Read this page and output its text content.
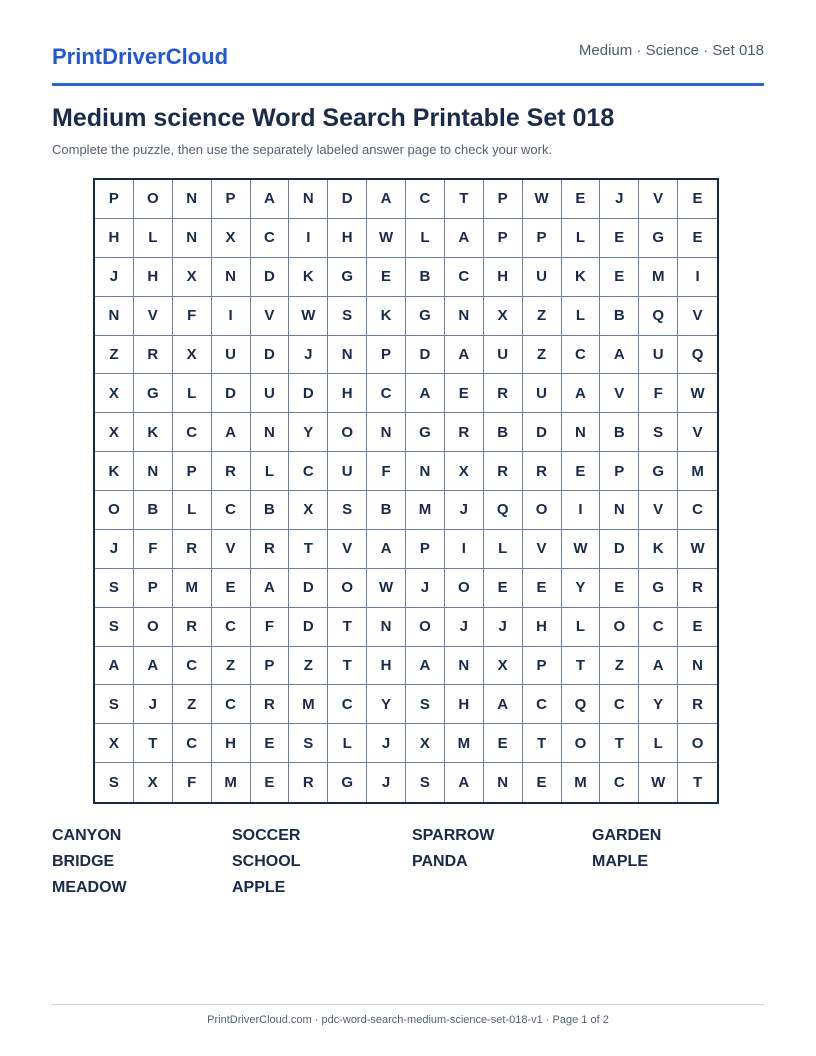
PrintDriverCloud	Medium · Science · Set 018
Medium science Word Search Printable Set 018
Complete the puzzle, then use the separately labeled answer page to check your work.
P	O	N	P	A	N	D	A	C	T	P	W	E	J	V	E
H	L	N	X	C	I	H	W	L	A	P	P	L	E	G	E
J	H	X	N	D	K	G	E	B	C	H	U	K	E	M	I
N	V	F	I	V	W	S	K	G	N	X	Z	L	B	Q	V
Z	R	X	U	D	J	N	P	D	A	U	Z	C	A	U	Q
X	G	L	D	U	D	H	C	A	E	R	U	A	V	F	W
X	K	C	A	N	Y	O	N	G	R	B	D	N	B	S	V
K	N	P	R	L	C	U	F	N	X	R	R	E	P	G	M
O	B	L	C	B	X	S	B	M	J	Q	O	I	N	V	C
J	F	R	V	R	T	V	A	P	I	L	V	W	D	K	W
S	P	M	E	A	D	O	W	J	O	E	E	Y	E	G	R
S	O	R	C	F	D	T	N	O	J	J	H	L	O	C	E
A	A	C	Z	P	Z	T	H	A	N	X	P	T	Z	A	N
S	J	Z	C	R	M	C	Y	S	H	A	C	Q	C	Y	R
X	T	C	H	E	S	L	J	X	M	E	T	O	T	L	O
S	X	F	M	E	R	G	J	S	A	N	E	M	C	W	T
CANYON	SOCCER	SPARROW	GARDEN
BRIDGE	SCHOOL	PANDA	MAPLE
MEADOW	APPLE
PrintDriverCloud.com · pdc-word-search-medium-science-set-018-v1 · Page 1 of 2
